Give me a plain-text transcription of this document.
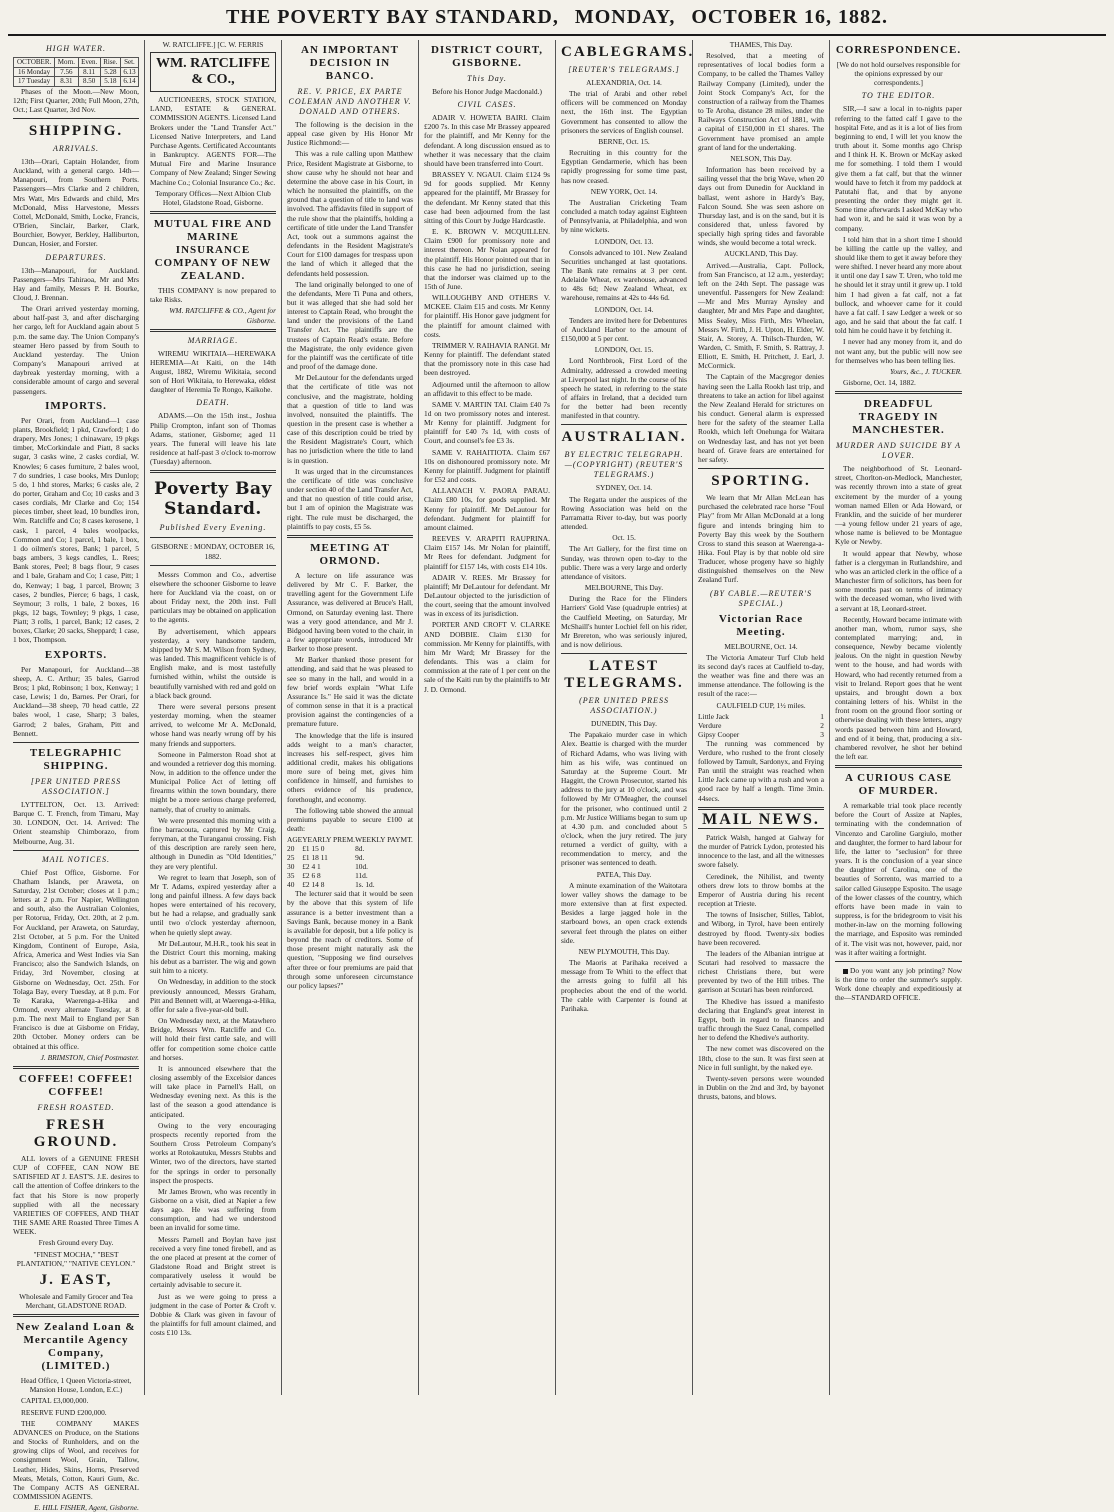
THE POVERTY BAY STANDARD, MONDAY, OCTOBER 16, 1882.
HIGH WATER.
OCTOBER.	Morn.	Even.	Rise.	Set.
16 Monday	7.56	8.11	5.28	6.13
17 Tuesday	8.31	8.50	5.18	6.14

Phases of the Moon.—New Moon, 12th; First Quarter, 20th; Full Moon, 27th, Oct.; Last Quarter, 3rd Nov.

SHIPPING.
ARRIVALS.

13th—Orari, Captain Holander, from Auckland, with a general cargo. 14th—Manapouri, from Southern Ports. Passengers—Mrs Clarke and 2 children, Mrs Watt, Mrs Edwards and child, Mrs McDonald, Miss Harvestone, Messrs Cottel, McDonald, Smith, Locke, Francis, O'Brien, Sinclair, Barker, Clark, Bourchier, Bowyer, Berkley, Halliburton, Duncan, Hosier, and Forster.

DEPARTURES.

13th—Manapouri, for Auckland. Passengers—Mrs Tahiraoa, Mr and Mrs Hay and family, Messrs P. H. Bourke, Cloud, J. Brennan.

The Orari arrived yesterday morning, about half-past 3, and after discharging her cargo, left for Auckland again about 5 p.m. the same day. The Union Company's steamer Hero passed by from South to Auckland yesterday. The Union Company's Manapouri arrived at daybreak yesterday morning, with a considerable amount of cargo and several passengers.

IMPORTS.

Per Orari, from Auckland—1 case plants, Brookfield; 1 pkd, Crawford; 1 do drapery, Mrs Jones; 1 chinaware, 19 pkgs timber, McCorkindale and Piatt, 8 sacks sugar, 3 casks wine, 2 casks cordial, W. Knowles; 6 cases furniture, 2 bales wool, 7 do sundries, 1 case books, Mrs Dunlop; 5 do, 1 hhd stores, Marks; 6 casks ale, 2 do porter, Graham and Co; 10 casks and 3 cases cordials, Mr Clarke and Co; 154 pieces timber, sheet lead, 10 bundles iron, Wm. Ratcliffe and Co; 8 cases kerosene, 1 cask, 1 parcel, 4 bales woolpacks, Common and Co; 1 parcel, 1 bale, 1 box, 1 do oilmen's stores, Bank; 1 parcel, 5 bags ambers, 3 kegs candles, L. Rees; Bank stores, Peel; 8 bags flour, 9 cases and 1 bale, Graham and Co; 1 case, Pitt; 1 do, Kenway; 1 bag, 1 parcel, Brown; 3 cases, 2 bundles, Pierce; 6 bags, 1 cask, Seymour; 3 rolls, 1 bale, 2 boxes, 16 pkgs, 12 bags, Townley; 9 pkgs, 1 case, Piatt; 3 rolls, 1 parcel, Bank; 12 cases, 2 boxes, Clarke; 20 sacks, Sheppard; 1 case, 1 box, Thompson.

EXPORTS.

Per Manapouri, for Auckland—38 sheep, A. C. Arthur; 35 bales, Garrod Bros; 1 pkd, Robinson; 1 box, Kenway; 1 case, Lewis; 1 do, Barnes. Per Orari, for Auckland—38 sheep, 70 head cattle, 22 bales wool, 1 case, Sharp; 3 bales, Garrod; 2 bales, Graham, Pitt and Bennett.

TELEGRAPHIC SHIPPING.
[PER UNITED PRESS ASSOCIATION.]

LYTTELTON, Oct. 13. Arrived: Barque C. T. French, from Timaru, May 30. LONDON, Oct. 14. Arrived: The Orient steamship Chimborazo, from Melbourne, Aug. 31.

MAIL NOTICES.

Chief Post Office, Gisborne. For Chatham Islands, per Araweta, on Saturday, 21st October; closes at 1 p.m.; letters at 2 p.m. For Napier, Wellington and south, also the Australian Colonies, per Rotorua, Friday, Oct. 20th, at 2 p.m. For Auckland, per Araweta, on Saturday, 21st October, at 5 p.m. For the United Kingdom, Continent of Europe, Asia, Africa, America and West Indies via San Francisco; also the Sandwich Islands, on Friday, 3rd November, closing at Gisborne on Wednesday, Oct. 25th. For Tolaga Bay, every Tuesday, at 8 p.m. For Te Karaka, Waerenga-a-Hika and Ormond, every alternate Tuesday, at 8 p.m. The next Mail to England per San Francisco is due at Gisborne on Friday, 20th October. Money orders can be obtained at this office.

J. BRIMSTON, Chief Postmaster.

COFFEE! COFFEE! COFFEE!
FRESH ROASTED.
FRESH GROUND.

ALL lovers of a GENUINE FRESH CUP of COFFEE, CAN NOW BE SATISFIED AT J. EAST'S. J.E. desires to call the attention of Coffee drinkers to the fact that his Store is now properly supplied with all the necessary VARIETIES OF COFFEES, AND THAT THE SAME ARE Roasted Three Times A WEEK.

Fresh Ground every Day.

"FINEST MOCHA," "BEST PLANTATION," "NATIVE CEYLON."

J. EAST,

Wholesale and Family Grocer and Tea Merchant, GLADSTONE ROAD.

New Zealand Loan & Mercantile Agency Company, (LIMITED.)

Head Office, 1 Queen Victoria-street, Mansion House, London, E.C.)

CAPITAL £3,000,000.

RESERVE FUND £200,000.

THE COMPANY MAKES ADVANCES on Produce, on the Stations and Stocks of Runholders, and on the growing clips of Wool, and receives for consignment Wool, Grain, Tallow, Leather, Hides, Skins, Horns, Preserved Meats, Metals, Cotton, Kauri Gum, &c. The Company ACTS AS GENERAL COMMISSION AGENTS.

E. HILL FISHER, Agent, Gisborne.

W. RATCLIFFE.] [C. W. FERRIS

WM. RATCLIFFE & CO.,

AUCTIONEERS, STOCK STATION, LAND, ESTATE & GENERAL COMMISSION AGENTS. Licensed Land Brokers under the "Land Transfer Act." Licensed Native Interpreters, and Land Purchase Agents. Certificated Accountants in Bankruptcy. AGENTS FOR—The Mutual Fire and Marine Insurance Company of New Zealand; Singer Sewing Machine Co.; Colonial Insurance Co.; &c.

Temporary Offices—Next Albion Club Hotel, Gladstone Road, Gisborne.

MUTUAL FIRE AND MARINE INSURANCE COMPANY OF NEW ZEALAND.

THIS COMPANY is now prepared to take Risks.

WM. RATCLIFFE & CO., Agent for Gisborne.

MARRIAGE.

WIREMU WIKITAIA—HEREWAKA HEREMIA—At Kaiti, on the 14th August, 1882, Wiremu Wikitaia, second son of Hori Wikitaia, to Herewaka, eldest daughter of Heremia Te Rongo, Kaikohe.

DEATH.

ADAMS.—On the 15th inst., Joshua Philip Crompton, infant son of Thomas Adams, stationer, Gisborne; aged 11 years. The funeral will leave his late residence at half-past 3 o'clock to-morrow (Tuesday) afternoon.

Poverty Bay Standard.
Published Every Evening.

GISBORNE : MONDAY, OCTOBER 16, 1882.

Messrs Common and Co., advertise elsewhere the schooner Gisborne to leave here for Auckland via the coast, on or about Friday next, the 20th inst. Full particulars may be obtained on application to the agents.

By advertisement, which appears yesterday, a very handsome tandem, shipped by Mr S. M. Wilson from Sydney, was landed. This magnificent vehicle is of English make, and is most tastefully furnished within, whilst the outside is beautifully varnished with red and gold on a black back ground.

There were several persons present yesterday morning, when the steamer arrived, to welcome Mr A. McDonald, whose hand was nearly wrung off by his many friends and supporters.

Someone in Palmerston Road shot at and wounded a retriever dog this morning. Now, in addition to the offence under the Municipal Police Act of letting off firearms within the town boundary, there might be a more serious charge preferred, namely, that of cruelty to animals.

We were presented this morning with a fine barracouta, captured by Mr Craig, ferryman, at the Turanganui crossing. Fish of this description are rarely seen here, although in Dunedin as "Old Identities," they are very plentiful.

We regret to learn that Joseph, son of Mr T. Adams, expired yesterday after a long and painful illness. A few days back hopes were entertained of his recovery, but he had a relapse, and gradually sank until two o'clock yesterday afternoon, when he quietly slept away.

Mr DeLautour, M.H.R., took his seat in the District Court this morning, making his debut as a barrister. The wig and gown suit him to a nicety.

On Wednesday, in addition to the stock previously announced, Messrs Graham, Pitt and Bennett will, at Waerenga-a-Hika, offer for sale a five-year-old bull.

On Wednesday next, at the Matawhero Bridge, Messrs Wm. Ratcliffe and Co. will hold their first cattle sale, and will offer for competition some choice cattle and horses.

It is announced elsewhere that the closing assembly of the Excelsior dances will take place in Parnell's Hall, on Wednesday evening next. As this is the last of the season a good attendance is anticipated.

Owing to the very encouraging prospects recently reported from the Southern Cross Petroleum Company's works at Rotokautuku, Messrs Stubbs and Winter, two of the directors, have started for the springs in order to personally inspect the prospects.

Mr James Brown, who was recently in Gisborne on a visit, died at Napier a few days ago. He was suffering from consumption, and had we understood been an invalid for some time.

Messrs Parnell and Boylan have just received a very fine toned firebell, and as the one placed at present at the corner of Gladstone Road and Bright street is comparatively useless it would be certainly advisable to secure it.

Just as we were going to press a judgment in the case of Porter & Croft v. Dobbie & Clark was given in favour of the plaintiffs for full amount claimed, and costs £10 13s.

AN IMPORTANT DECISION IN BANCO.
RE. V. PRICE, EX PARTE COLEMAN AND ANOTHER V. DONALD AND OTHERS.

The following is the decision in the appeal case given by His Honor Mr Justice Richmond:—

This was a rule calling upon Matthew Price, Resident Magistrate at Gisborne, to show cause why he should not hear and determine the above case in his Court, in which he nonsuited the plaintiffs, on the ground that a question of title to land was involved. The affidavits filed in support of the rule show that the plaintiffs, holding a certificate of title under the Land Transfer Act, took out a summons against the defendants in the Resident Magistrate's Court for £100 damages for trespass upon the land of which it alleged that the defendants held possession.

The land originally belonged to one of the defendants, Mere Ti Puna and others, but it was alleged that she had sold her interest to Captain Read, who brought the land under the provisions of the Land Transfer Act. The plaintiffs are the trustees of Captain Read's estate. Before the Magistrate, the only evidence given for the plaintiff was the certificate of title and proof of the damage done.

Mr DeLautour for the defendants urged that the certificate of title was not conclusive, and the magistrate, holding that a question of title to land was involved, nonsuited the plaintiffs. The question in the present case is whether a case of this description could be tried by the Resident Magistrate's Court, which has no jurisdiction where the title to land is in question.

It was urged that in the circumstances the certificate of title was conclusive under section 40 of the Land Transfer Act, and that no question of title could arise, but I am of opinion the Magistrate was right. The rule must be discharged, the plaintiffs to pay costs, £5 5s.

MEETING AT ORMOND.

A lecture on life assurance was delivered by Mr C. F. Barker, the travelling agent for the Government Life Assurance, was delivered at Bruce's Hall, Ormond, on Saturday evening last. There was a very good attendance, and Mr J. Bidgood having been voted to the chair, in a few appropriate words, introduced Mr Barker to those present.

Mr Barker thanked those present for attending, and said that he was pleased to see so many in the hall, and would in a few brief words explain "What Life Assurance Is." He said it was the dictate of common sense in that it is a practical provision against the contingencies of a premature future.

The knowledge that the life is insured adds weight to a man's character, increases his self-respect, gives him additional credit, makes his obligations more sure of being met, gives him confidence in himself, and furnishes to others evidence of his prudence, forethought, and economy.

The following table showed the annual premiums payable to secure £100 at death:

AGE	YEARLY PREM.	WEEKLY PAYMT.
20	£1 15 0	8d.
25	£1 18 11	9d.
30	£2 4 1	10d.
35	£2 6 8	11d.
40	£2 14 8	1s. 1d.

The lecturer said that it would be seen by the above that this system of life assurance is a better investment than a Savings Bank, because money in a Bank is available for deposit, but a life policy is beyond the reach of creditors. Some of those present might naturally ask the question, "Supposing we find ourselves after three or four premiums are paid that through some unforeseen circumstance our policy lapses?"

DISTRICT COURT, GISBORNE.
This Day.

Before his Honor Judge Macdonald.)

CIVIL CASES.

ADAIR V. HOWETA BAIRI. Claim £200 7s. In this case Mr Brassey appeared for the plaintiff, and Mr Kenny for the defendant. A long discussion ensued as to whether it was necessary that the claim should have been transferred into Court.

BRASSEY V. NGAUI. Claim £124 9s 9d for goods supplied. Mr Kenny appeared for the plaintiff, Mr Brassey for the defendant. Mr Kenny stated that this case had been adjourned from the last sitting of this Court by Judge Hardcastle.

E. K. BROWN V. MCQUILLEN. Claim £900 for promissory note and interest thereon. Mr Nolan appeared for the plaintiff. His Honor pointed out that in this case he had no jurisdiction, seeing that the indorser was claimed up to the 15th of June.

WILLOUGHBY AND OTHERS V. MCKEE. Claim £15 and costs. Mr Kenny for plaintiff. His Honor gave judgment for the plaintiff for amount claimed with costs.

TRIMMER V. RAIHAVIA RANGI. Mr Kenny for plaintiff. The defendant stated that the promissory note in this case had been destroyed.

Adjourned until the afternoon to allow an affidavit to this effect to be made.

SAME V. MARTIN TAI. Claim £40 7s 1d on two promissory notes and interest. Mr Kenny for plaintiff. Judgment for plaintiff for £40 7s 1d, with costs of Court, and counsel's fee £3 3s.

SAME V. RAHAITIOTA. Claim £67 10s on dishonoured promissory note. Mr Kenny for plaintiff. Judgment for plaintiff for £52 and costs.

ALLANACH V. PAORA PARAU. Claim £80 10s, for goods supplied. Mr Kenny for plaintiff. Mr DeLautour for defendant. Judgment for plaintiff for amount claimed.

REEVES V. ARAPITI RAUPRINA. Claim £157 14s. Mr Nolan for plaintiff, Mr Rees for defendant. Judgment for plaintiff for £157 14s, with costs £14 10s.

ADAIR V. REES. Mr Brassey for plaintiff; Mr DeLautour for defendant. Mr DeLautour objected to the jurisdiction of the court, seeing that the amount involved was in excess of its jurisdiction.

PORTER AND CROFT V. CLARKE AND DOBBIE. Claim £130 for commission. Mr Kenny for plaintiffs, with him Mr Ward; Mr Brassey for the defendants. This was a claim for commission at the rate of 1 per cent on the sale of the Kaiti run by the plaintiffs to Mr J. D. Ormond.

CABLEGRAMS.
[REUTER'S TELEGRAMS.]

ALEXANDRIA, Oct. 14.

The trial of Arabi and other rebel officers will be commenced on Monday next, the 16th inst. The Egyptian Government has consented to allow the prisoners the services of English counsel.

BERNE, Oct. 15.

Recruiting in this country for the Egyptian Gendarmerie, which has been rapidly progressing for some time past, has now ceased.

NEW YORK, Oct. 14.

The Australian Cricketing Team concluded a match today against Eighteen of Pennsylvania, at Philadelphia, and won by nine wickets.

LONDON, Oct. 13.

Consols advanced to 101. New Zealand Securities unchanged at last quotations. The Bank rate remains at 3 per cent. Adelaide Wheat, ex warehouse, advanced to 48s 6d; New Zealand Wheat, ex warehouse, remains at 42s to 44s 6d.

LONDON, Oct. 14.

Tenders are invited here for Debentures of Auckland Harbor to the amount of £150,000 at 5 per cent.

LONDON, Oct. 15.

Lord Northbrook, First Lord of the Admiralty, addressed a crowded meeting at Liverpool last night. In the course of his speech he stated, in referring to the state of affairs in Ireland, that a decided turn for the better had been recently manifested in that country.

AUSTRALIAN.
BY ELECTRIC TELEGRAPH.—(COPYRIGHT) (REUTER'S TELEGRAMS.)

SYDNEY, Oct. 14.

The Regatta under the auspices of the Rowing Association was held on the Parramatta River to-day, but was poorly attended.

Oct. 15.

The Art Gallery, for the first time on Sunday, was thrown open to-day to the public. There was a very large and orderly attendance of visitors.

MELBOURNE, This Day.

During the Race for the Flinders Harriers' Gold Vase (quadruple entries) at the Caulfield Meeting, on Saturday, Mr McShaill's hunter Lochiel fell on his rider, Mr Brereton, who was seriously injured, and is now delirious.

LATEST TELEGRAMS.
(PER UNITED PRESS ASSOCIATION.)

DUNEDIN, This Day.

The Papakaio murder case in which Alex. Beattie is charged with the murder of Richard Adams, who was living with him as his wife, was continued on Saturday at the Supreme Court. Mr Haggitt, the Crown Prosecutor, started his address to the jury at 10 o'clock, and was followed by Mr O'Meagher, the counsel for the prisoner, who continued until 2 p.m. Mr Justice Williams began to sum up at 4.30 p.m. and concluded about 5 o'clock, when the jury retired. The jury returned a verdict of guilty, with a recommendation to mercy, and the prisoner was sentenced to death.

PATEA, This Day.

A minute examination of the Waitotara lower valley shows the damage to be more extensive than at first expected. Besides a large jagged hole in the starboard bows, an open crack extends several feet through the plates on either side.

NEW PLYMOUTH, This Day.

The Maoris at Parihaka received a message from Te Whiti to the effect that the arrests going to fulfil all his prophecies about the end of the world. The cable with Carpenter is found at Parihaka.

THAMES, This Day.

Resolved, that a meeting of representatives of local bodies form a Company, to be called the Thames Valley Railway Company (Limited), under the Joint Stock Company's Act, for the construction of a railway from the Thames to Te Aroha, distance 28 miles, under the Railways Construction Act of 1881, with a capital of £150,000 in £1 shares. The Government have promised an ample grant of land for the undertaking.

NELSON, This Day.

Information has been received by a sailing vessel that the brig Wave, when 20 days out from Dunedin for Auckland in ballast, went ashore in Hardy's Bay, Falcon Sound. She was seen ashore on Thursday last, and is on the sand, but it is considered that, unless favored by specially high spring tides and favorable winds, she would become a total wreck.

AUCKLAND, This Day.

Arrived.—Australia, Capt. Pollock, from San Francisco, at 12 a.m., yesterday; left on the 24th Sept. The passage was uneventful. Passengers for New Zealand:—Mr and Mrs Murray Aynsley and daughter, Mr and Mrs Pape and daughter, Miss Sealey, Miss Firth, Mrs Wheelan, Messrs W. Firth, J. H. Upton, H. Elder, W. Stair, A. Storey, A. Thilsch-Thurden, W. Warden, C. Smith, F. Smith, S. Rattray, J. Elliott, E. Smith, H. Pritchett, J. Earl, J. McCormick.

The Captain of the Macgregor denies having seen the Lalla Rookh last trip, and threatens to take an action for libel against the New Zealand Herald for strictures on his conduct. General alarm is expressed here for the safety of the steamer Lalla Rookh, which left Onehunga for Waitara on Wednesday last, and has not yet been heard of. Grave fears are entertained for her safety.

SPORTING.

We learn that Mr Allan McLean has purchased the celebrated race horse "Foul Play" from Mr Allan McDonald at a long figure and intends bringing him to Poverty Bay this week by the Southern Cross to stand this season at Waerenga-a-Hika. Foul Play is by that noble old sire Traducer, whose progeny have so highly distinguished themselves on the New Zealand Turf.

(BY CABLE.—REUTER'S SPECIAL.)
Victorian Race Meeting.

MELBOURNE, Oct. 14.

The Victoria Amateur Turf Club held its second day's races at Caulfield to-day, the weather was fine and there was an immense attendance. The following is the result of the race:—

CAULFIELD CUP, 1½ miles.

Little Jack	1
Verdure	2
Gipsy Cooper	3

The running was commenced by Verdure, who rushed to the front closely followed by Tamult, Sardonyx, and Frying Pan until the straight was reached when Little Jack came up with a rush and won a good race by half a length. Time 3min. 44secs.

MAIL NEWS.

Patrick Walsh, hanged at Galway for the murder of Patrick Lydon, protested his innocence to the last, and all the witnesses swore falsely.

Ceredinek, the Nihilist, and twenty others drew lots to throw bombs at the Emperor of Austria during his recent reception at Trieste.

The towns of Insischer, Stilles, Tablot, and Wiborg, in Tyrol, have been entirely destroyed by flood. Twenty-six bodies have been recovered.

The leaders of the Albanian intrigue at Scutari had resolved to massacre the richest Christians there, but were prevented by two of the Hill tribes. The garrison at Scutari has been reinforced.

The Khedive has issued a manifesto declaring that England's great interest in Egypt, both in regard to finances and traffic through the Suez Canal, compelled her to defend the Khedive's authority.

The new comet was discovered on the 18th, close to the sun. It was first seen at Nice in full sunlight, by the naked eye.

Twenty-seven persons were wounded in Dublin on the 2nd and 3rd, by bayonet thrusts, batons, and blows.

CORRESPONDENCE.

[We do not hold ourselves responsible for the opinions expressed by our correspondents.]

TO THE EDITOR.

SIR,—I saw a local in to-nights paper referring to the fatted calf I gave to the hospital Fete, and as it is a lot of lies from beginning to end, I will let you know the truth about it. Some months ago Chrisp and I think H. K. Brown or McKay asked me for something. I told them I would give them a fat calf, but that the winner would have to fetch it from my paddock at Patutahi flat, and that by anyone presenting the order they might get it. Some time afterwards I asked McKay who had won it, and he said it was won by a company.

I told him that in a short time I should be killing the cattle up the valley, and should like them to get it away before they were shifted. I never heard any more about it until one day I saw T. Uren, who told me he should let it stray until it grew up. I told him I had given a fat calf, not a fat bullock, and whoever came for it could have a fat calf. I saw Ledger a week or so ago, and he said that about the fat calf. I told him he could have it by fetching it.

I never had any money from it, and do not want any, but the public will now see for themselves who has been telling lies.

Yours, &c., J. TUCKER.

Gisborne, Oct. 14, 1882.

DREADFUL TRAGEDY IN MANCHESTER.
MURDER AND SUICIDE BY A LOVER.

The neighborhood of St. Leonard-street, Chorlton-on-Medlock, Manchester, was recently thrown into a state of great excitement by the murder of a young woman named Ellen or Ada Howard, or Franklin, and the suicide of her murderer—a young fellow under 21 years of age, whose name is believed to be Montague Kyle or Newby.

It would appear that Newby, whose father is a clergyman in Rutlandshire, and who was an articled clerk in the office of a Manchester firm of solicitors, has been for some months past on terms of intimacy with the deceased woman, who lived with a servant at 18, Leonard-street.

Recently, Howard became intimate with another man, whom, rumor says, she contemplated marrying; and, in consequence, Newby became violently jealous. On the night in question Newby went to the house, and had words with Howard, who had recently returned from a visit to Ireland. Report goes that he went upstairs, and brought down a box containing letters of his. Whilst in the front room on the ground floor sorting or otherwise dealing with these letters, angry words passed between him and Howard, and end of it being, that, producing a six-chambered revolver, he shot her behind the left ear.

A CURIOUS CASE OF MURDER.

A remarkable trial took place recently before the Court of Assize at Naples, terminating with the condemnation of Vincenzo and Caroline Gargiulo, mother and daughter, the former to hard labour for life, the latter to "seclusion" for three years. It is the conclusion of a year since the daughter of Carolina, one of the beauties of Sorrento, was married to a sailor called Giuseppe Esposito. The usage of the lower classes of the country, which efforts have been made in vain to suppress, is for the bridegroom to visit his mother-in-law on the morning following the marriage, and Esposito was reminded of it. The visit was not, however, paid, nor was it after waiting a fortnight.

Do you want any job printing? Now is the time to order the summer's supply. Work done cheaply and expeditiously at the—STANDARD OFFICE.
